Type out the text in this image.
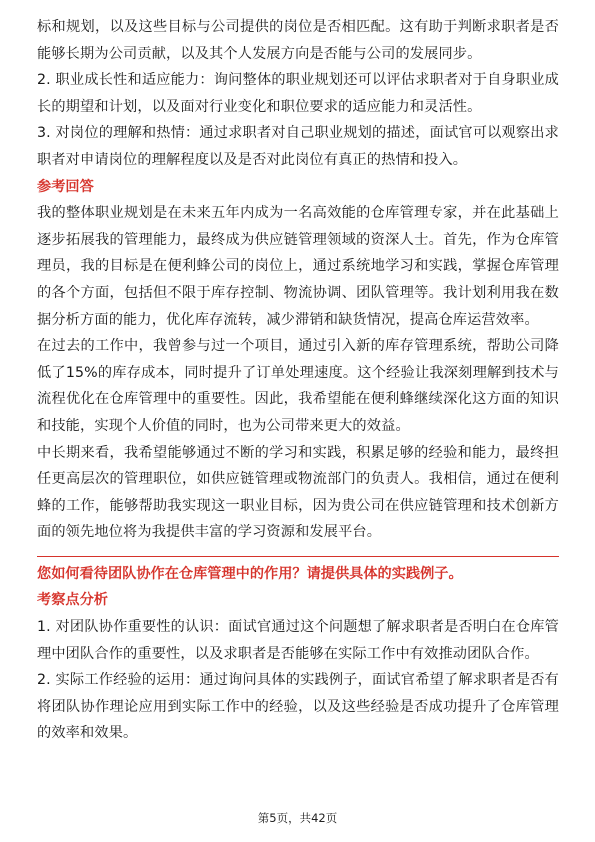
标和规划，以及这些目标与公司提供的岗位是否相匹配。这有助于判断求职者是否能够长期为公司贡献，以及其个人发展方向是否能与公司的发展同步。

2. 职业成长性和适应能力：询问整体的职业规划还可以评估求职者对于自身职业成长的期望和计划，以及面对行业变化和职位要求的适应能力和灵活性。

3. 对岗位的理解和热情：通过求职者对自己职业规划的描述，面试官可以观察出求职者对申请岗位的理解程度以及是否对此岗位有真正的热情和投入。

参考回答

我的整体职业规划是在未来五年内成为一名高效能的仓库管理专家，并在此基础上逐步拓展我的管理能力，最终成为供应链管理领域的资深人士。首先，作为仓库管理员，我的目标是在便利蜂公司的岗位上，通过系统地学习和实践，掌握仓库管理的各个方面，包括但不限于库存控制、物流协调、团队管理等。我计划利用我在数据分析方面的能力，优化库存流转，减少滞销和缺货情况，提高仓库运营效率。

在过去的工作中，我曾参与过一个项目，通过引入新的库存管理系统，帮助公司降低了15%的库存成本，同时提升了订单处理速度。这个经验让我深刻理解到技术与流程优化在仓库管理中的重要性。因此，我希望能在便利蜂继续深化这方面的知识和技能，实现个人价值的同时，也为公司带来更大的效益。

中长期来看，我希望能够通过不断的学习和实践，积累足够的经验和能力，最终担任更高层次的管理职位，如供应链管理或物流部门的负责人。我相信，通过在便利蜂的工作，能够帮助我实现这一职业目标，因为贵公司在供应链管理和技术创新方面的领先地位将为我提供丰富的学习资源和发展平台。

您如何看待团队协作在仓库管理中的作用？请提供具体的实践例子。

考察点分析

1. 对团队协作重要性的认识：面试官通过这个问题想了解求职者是否明白在仓库管理中团队合作的重要性，以及求职者是否能够在实际工作中有效推动团队合作。

2. 实际工作经验的运用：通过询问具体的实践例子，面试官希望了解求职者是否有将团队协作理论应用到实际工作中的经验，以及这些经验是否成功提升了仓库管理的效率和效果。

第5页，共42页
